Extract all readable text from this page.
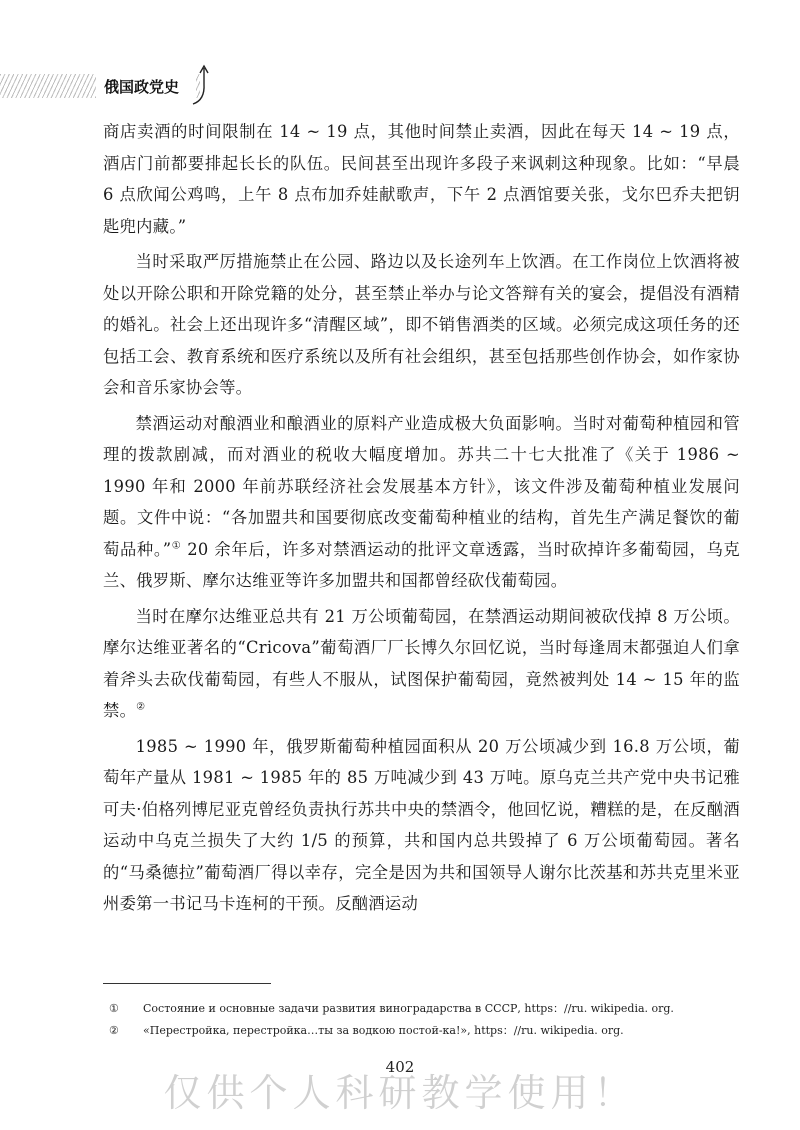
俄国政党史

商店卖酒的时间限制在 14 ~ 19 点，其他时间禁止卖酒，因此在每天 14 ~ 19 点，酒店门前都要排起长长的队伍。民间甚至出现许多段子来讽刺这种现象。比如：“早晨 6 点欣闻公鸡鸣，上午 8 点布加乔娃献歌声，下午 2 点酒馆要关张，戈尔巴乔夫把钥匙兜内藏。”

当时采取严厉措施禁止在公园、路边以及长途列车上饮酒。在工作岗位上饮酒将被处以开除公职和开除党籍的处分，甚至禁止举办与论文答辩有关的宴会，提倡没有酒精的婚礼。社会上还出现许多“清醒区域”，即不销售酒类的区域。必须完成这项任务的还包括工会、教育系统和医疗系统以及所有社会组织，甚至包括那些创作协会，如作家协会和音乐家协会等。

禁酒运动对酿酒业和酿酒业的原料产业造成极大负面影响。当时对葡萄种植园和管理的拨款剧减，而对酒业的税收大幅度增加。苏共二十七大批准了《关于 1986 ~ 1990 年和 2000 年前苏联经济社会发展基本方针》，该文件涉及葡萄种植业发展问题。文件中说：“各加盟共和国要彻底改变葡萄种植业的结构，首先生产满足餐饮的葡萄品种。”① 20 余年后，许多对禁酒运动的批评文章透露，当时砍掉许多葡萄园，乌克兰、俄罗斯、摩尔达维亚等许多加盟共和国都曾经砍伐葡萄园。

当时在摩尔达维亚总共有 21 万公顷葡萄园，在禁酒运动期间被砍伐掉 8 万公顷。摩尔达维亚著名的“Cricova”葡萄酒厂厂长博久尔回忆说，当时每逢周末都强迫人们拿着斧头去砍伐葡萄园，有些人不服从，试图保护葡萄园，竟然被判处 14 ~ 15 年的监禁。②

1985 ~ 1990 年，俄罗斯葡萄种植园面积从 20 万公顷减少到 16.8 万公顷，葡萄年产量从 1981 ~ 1985 年的 85 万吨减少到 43 万吨。原乌克兰共产党中央书记雅可夫·伯格列博尼亚克曾经负责执行苏共中央的禁酒令，他回忆说，糟糕的是，在反酗酒运动中乌克兰损失了大约 1/5 的预算，共和国内总共毁掉了 6 万公顷葡萄园。著名的“马桑德拉”葡萄酒厂得以幸存，完全是因为共和国领导人谢尔比茨基和苏共克里米亚州委第一书记马卡连柯的干预。反酗酒运动

①	Состояние и основные задачи развития виноградарства в СССР, https：//ru. wikipedia. org.
②	«Перестройка, перестройка…ты за водкою постой-ка!», https：//ru. wikipedia. org.
402
仅供个人科研教学使用！
